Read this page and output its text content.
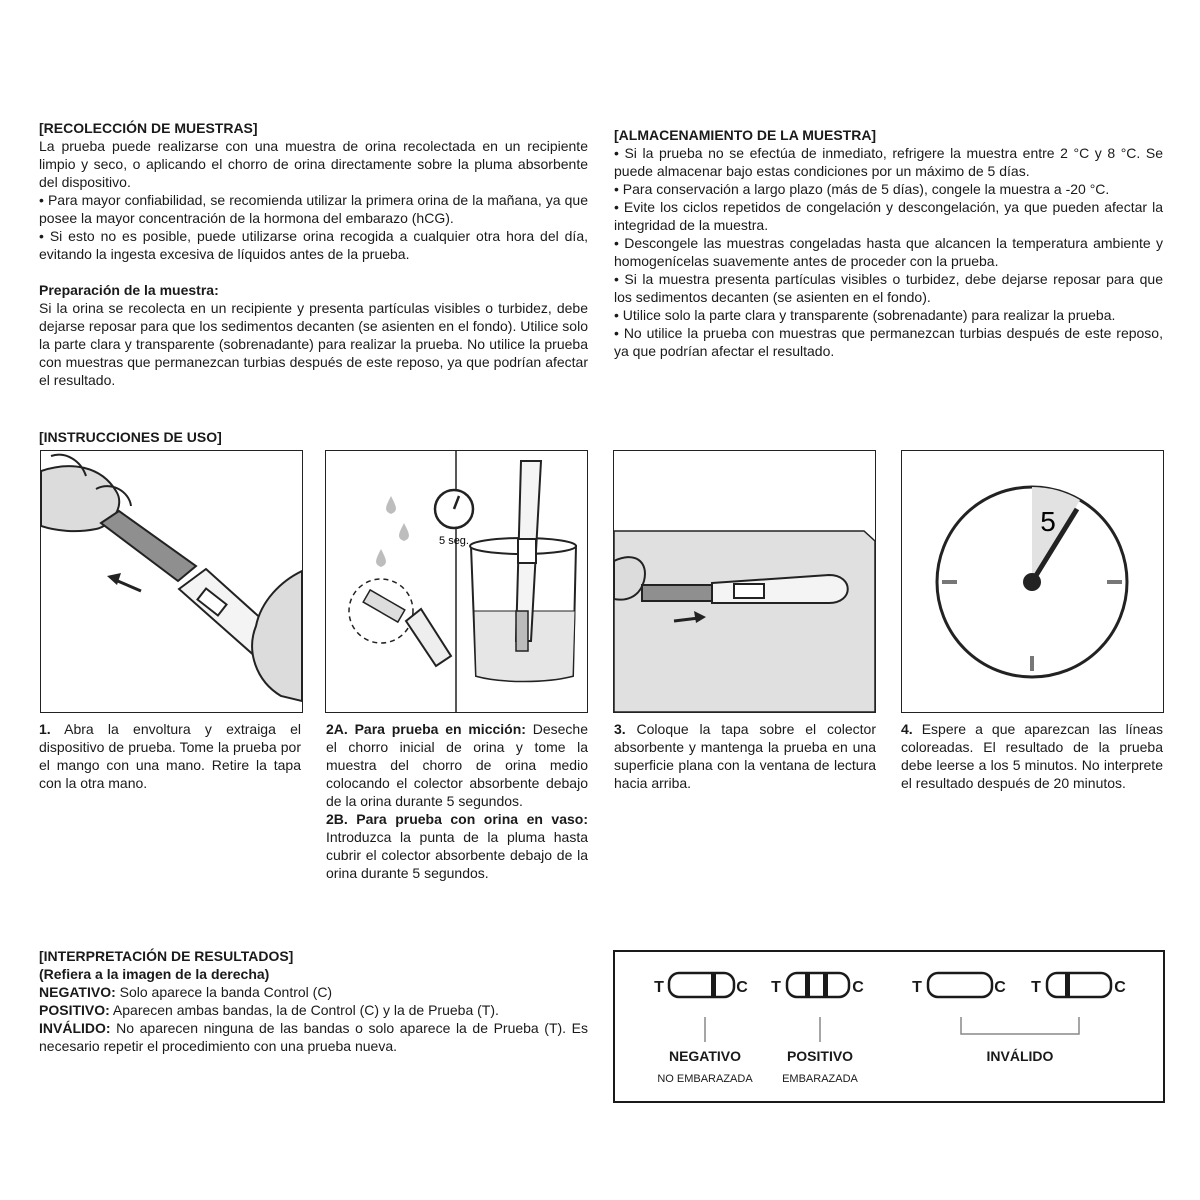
[RECOLECCIÓN DE MUESTRAS]

La prueba puede realizarse con una muestra de orina recolectada en un recipiente limpio y seco, o aplicando el chorro de orina directamente sobre la pluma absorbente del dispositivo.

• Para mayor confiabilidad, se recomienda utilizar la primera orina de la mañana, ya que posee la mayor concentración de la hormona del embarazo (hCG).

• Si esto no es posible, puede utilizarse orina recogida a cualquier otra hora del día, evitando la ingesta excesiva de líquidos antes de la prueba.

Preparación de la muestra:

Si la orina se recolecta en un recipiente y presenta partículas visibles o turbidez, debe dejarse reposar para que los sedimentos decanten (se asienten en el fondo). Utilice solo la parte clara y transparente (sobrenadante) para realizar la prueba. No utilice la prueba con muestras que permanezcan turbias después de este reposo, ya que podrían afectar el resultado.

[ALMACENAMIENTO DE LA MUESTRA]

• Si la prueba no se efectúa de inmediato, refrigere la muestra entre 2 °C y 8 °C. Se puede almacenar bajo estas condiciones por un máximo de 5 días.

• Para conservación a largo plazo (más de 5 días), congele la muestra a -20 °C.

• Evite los ciclos repetidos de congelación y descongelación, ya que pueden afectar la integridad de la muestra.

• Descongele las muestras congeladas hasta que alcancen la temperatura ambiente y homogenícelas suavemente antes de proceder con la prueba.

• Si la muestra presenta partículas visibles o turbidez, debe dejarse reposar para que los sedimentos decanten (se asienten en el fondo).

• Utilice solo la parte clara y transparente (sobrenadante) para realizar la prueba.

• No utilice la prueba con muestras que permanezcan turbias después de este reposo, ya que podrían afectar el resultado.

[INSTRUCCIONES DE USO]
5 seg.
5

1. Abra la envoltura y extraiga el dispositivo de prueba. Tome la prueba por el mango con una mano. Retire la tapa con la otra mano.

2A. Para prueba en micción: Deseche el chorro inicial de orina y tome la muestra del chorro de orina medio colocando el colector absorbente debajo de la orina durante 5 segundos.

2B. Para prueba con orina en vaso: Introduzca la punta de la pluma hasta cubrir el colector absorbente debajo de la orina durante 5 segundos.

3. Coloque la tapa sobre el colector absorbente y mantenga la prueba en una superficie plana con la ventana de lectura hacia arriba.

4. Espere a que aparezcan las líneas coloreadas. El resultado de la prueba debe leerse a los 5 minutos. No interprete el resultado después de 20 minutos.

[INTERPRETACIÓN DE RESULTADOS]

(Refiera a la imagen de la derecha)

NEGATIVO: Solo aparece la banda Control (C)

POSITIVO: Aparecen ambas bandas, la de Control (C) y la de Prueba (T).

INVÁLIDO: No aparecen ninguna de las bandas o solo aparece la de Prueba (T). Es necesario repetir el procedimiento con una prueba nueva.

T	C T	C	T	C T	C
NEGATIVO
NO EMBARAZADA
POSITIVO
EMBARAZADA
INVÁLIDO
